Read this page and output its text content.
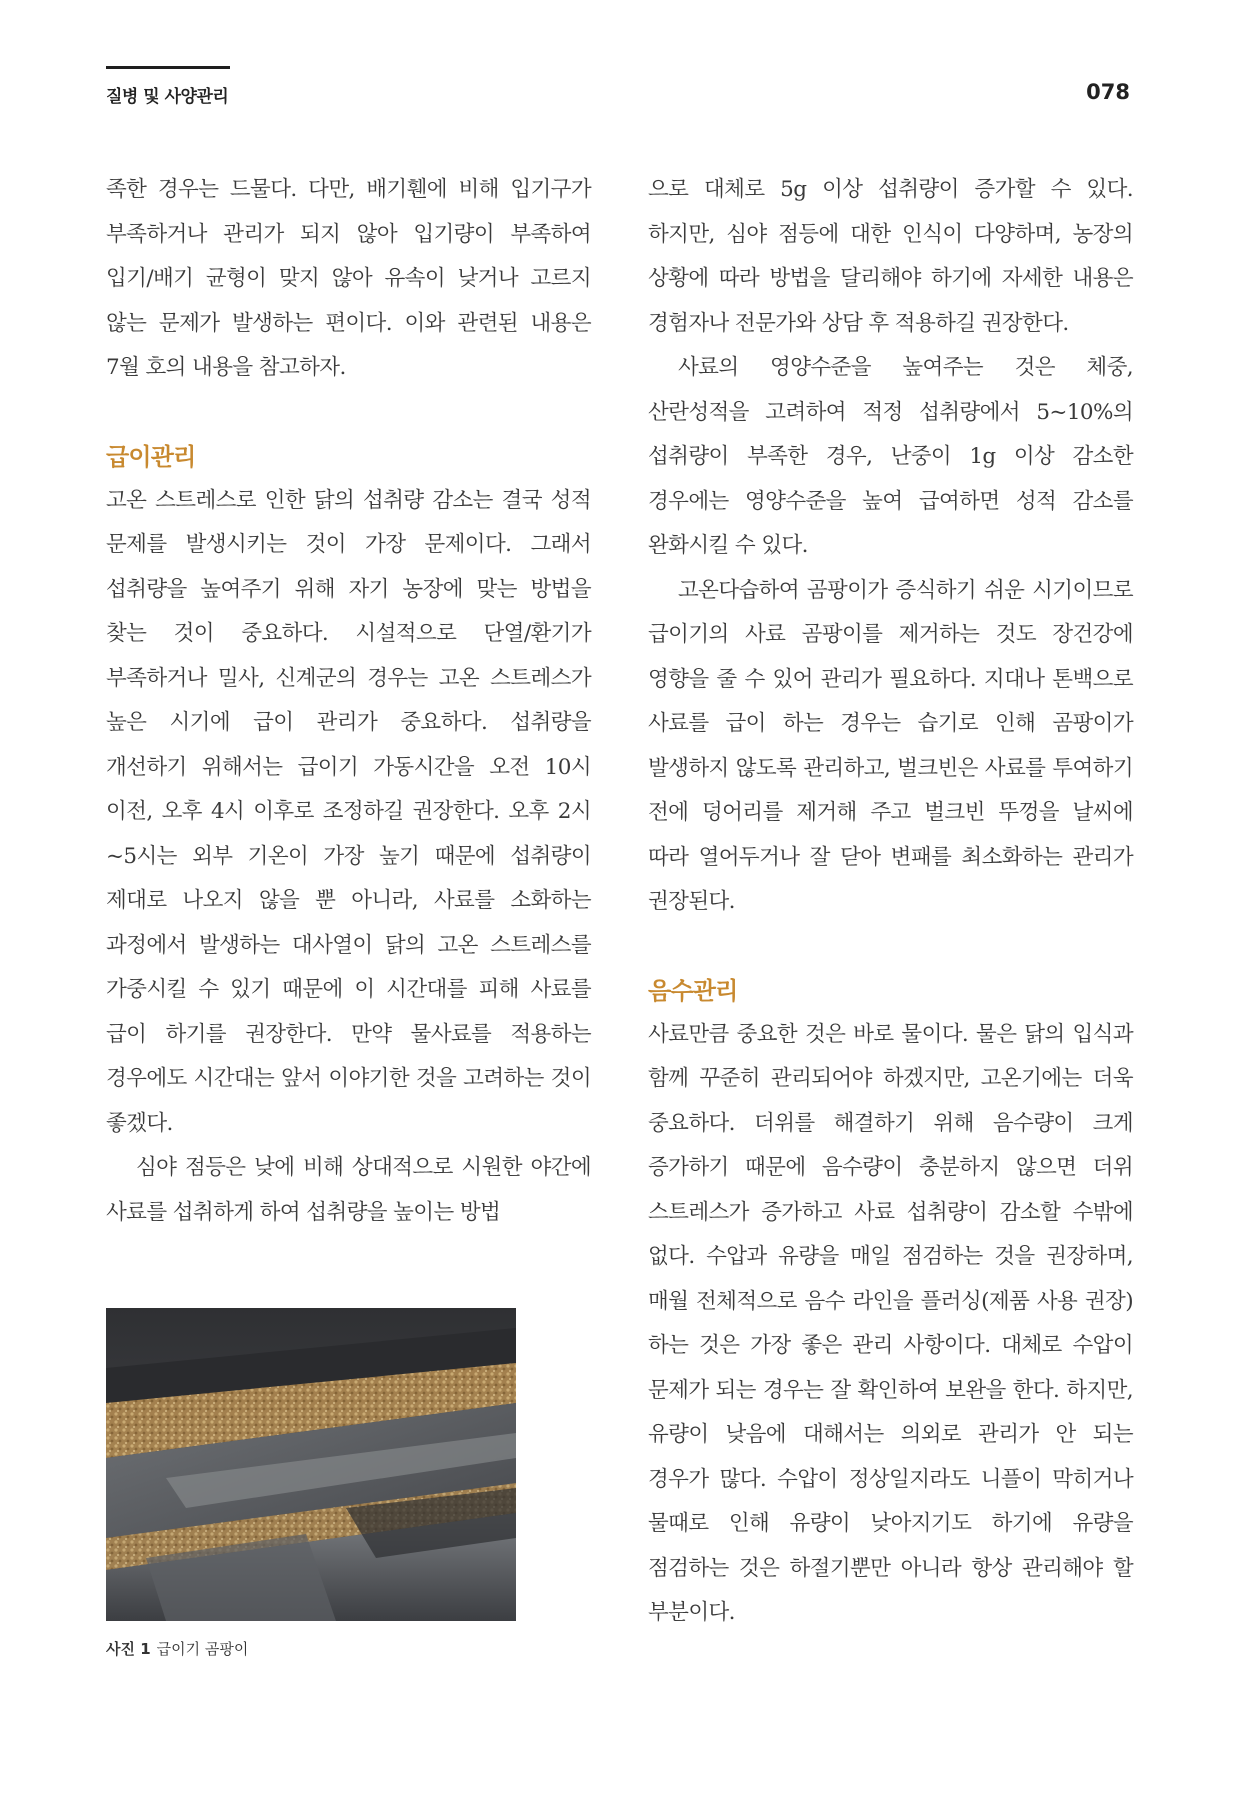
질병 및 사양관리	078

족한 경우는 드물다. 다만, 배기휀에 비해 입기구가 부족하거나 관리가 되지 않아 입기량이 부족하여 입기/배기 균형이 맞지 않아 유속이 낮거나 고르지 않는 문제가 발생하는 편이다. 이와 관련된 내용은 7월 호의 내용을 참고하자.

급이관리

고온 스트레스로 인한 닭의 섭취량 감소는 결국 성적 문제를 발생시키는 것이 가장 문제이다. 그래서 섭취량을 높여주기 위해 자기 농장에 맞는 방법을 찾는 것이 중요하다. 시설적으로 단열/환기가 부족하거나 밀사, 신계군의 경우는 고온 스트레스가 높은 시기에 급이 관리가 중요하다. 섭취량을 개선하기 위해서는 급이기 가동시간을 오전 10시 이전, 오후 4시 이후로 조정하길 권장한다. 오후 2시~5시는 외부 기온이 가장 높기 때문에 섭취량이 제대로 나오지 않을 뿐 아니라, 사료를 소화하는 과정에서 발생하는 대사열이 닭의 고온 스트레스를 가중시킬 수 있기 때문에 이 시간대를 피해 사료를 급이 하기를 권장한다. 만약 물사료를 적용하는 경우에도 시간대는 앞서 이야기한 것을 고려하는 것이 좋겠다.

심야 점등은 낮에 비해 상대적으로 시원한 야간에 사료를 섭취하게 하여 섭취량을 높이는 방법

으로 대체로 5g 이상 섭취량이 증가할 수 있다. 하지만, 심야 점등에 대한 인식이 다양하며, 농장의 상황에 따라 방법을 달리해야 하기에 자세한 내용은 경험자나 전문가와 상담 후 적용하길 권장한다.

사료의 영양수준을 높여주는 것은 체중, 산란성적을 고려하여 적정 섭취량에서 5~10%의 섭취량이 부족한 경우, 난중이 1g 이상 감소한 경우에는 영양수준을 높여 급여하면 성적 감소를 완화시킬 수 있다.

고온다습하여 곰팡이가 증식하기 쉬운 시기이므로 급이기의 사료 곰팡이를 제거하는 것도 장건강에 영향을 줄 수 있어 관리가 필요하다. 지대나 톤백으로 사료를 급이 하는 경우는 습기로 인해 곰팡이가 발생하지 않도록 관리하고, 벌크빈은 사료를 투여하기 전에 덩어리를 제거해 주고 벌크빈 뚜껑을 날씨에 따라 열어두거나 잘 닫아 변패를 최소화하는 관리가 권장된다.

음수관리

사료만큼 중요한 것은 바로 물이다. 물은 닭의 입식과 함께 꾸준히 관리되어야 하겠지만, 고온기에는 더욱 중요하다. 더위를 해결하기 위해 음수량이 크게 증가하기 때문에 음수량이 충분하지 않으면 더위 스트레스가 증가하고 사료 섭취량이 감소할 수밖에 없다. 수압과 유량을 매일 점검하는 것을 권장하며, 매월 전체적으로 음수 라인을 플러싱(제품 사용 권장) 하는 것은 가장 좋은 관리 사항이다. 대체로 수압이 문제가 되는 경우는 잘 확인하여 보완을 한다. 하지만, 유량이 낮음에 대해서는 의외로 관리가 안 되는 경우가 많다. 수압이 정상일지라도 니플이 막히거나 물때로 인해 유량이 낮아지기도 하기에 유량을 점검하는 것은 하절기뿐만 아니라 항상 관리해야 할 부분이다.

사진 1 급이기 곰팡이
